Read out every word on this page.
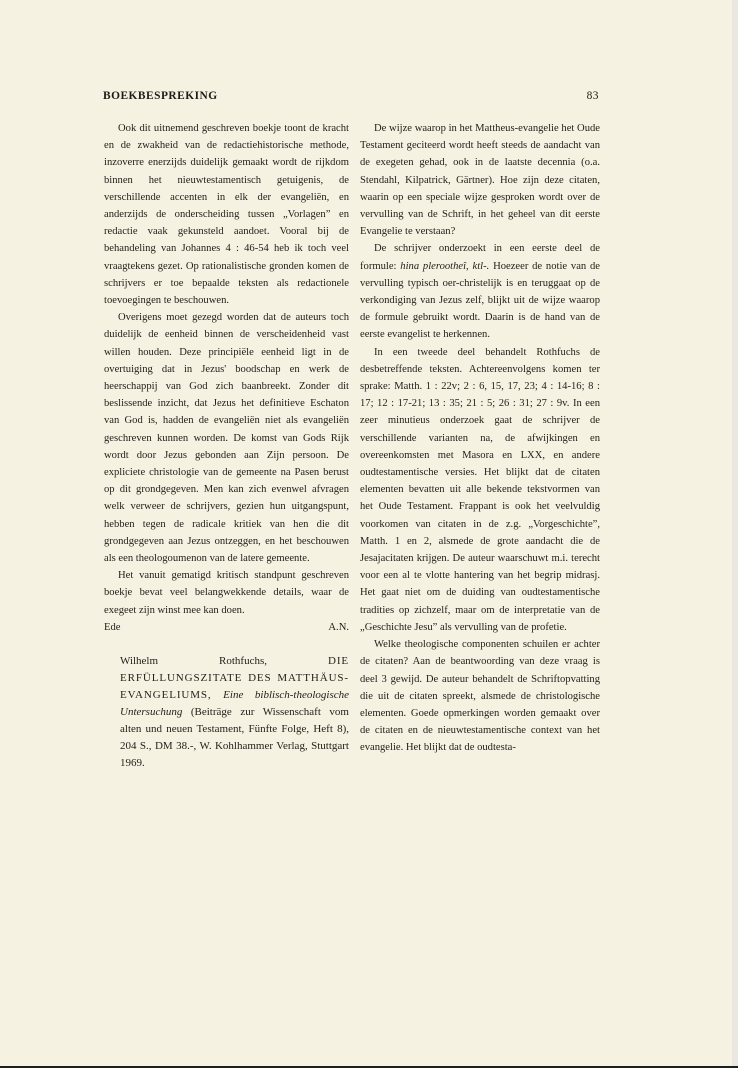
BOEKBESPREKING	83

Ook dit uitnemend geschreven boekje toont de kracht en de zwakheid van de redactiehistorische methode, inzoverre enerzijds duidelijk gemaakt wordt de rijkdom binnen het nieuwtestamentisch getuigenis, de verschillende accenten in elk der evangeliën, en anderzijds de onderscheiding tussen „Vorlagen” en redactie vaak gekunsteld aandoet. Vooral bij de behandeling van Johannes 4 : 46-54 heb ik toch veel vraagtekens gezet. Op rationalistische gronden komen de schrijvers er toe bepaalde teksten als redactionele toevoegingen te beschouwen.

Overigens moet gezegd worden dat de auteurs toch duidelijk de eenheid binnen de verscheidenheid vast willen houden. Deze principiële eenheid ligt in de overtuiging dat in Jezus' boodschap en werk de heerschappij van God zich baanbreekt. Zonder dit beslissende inzicht, dat Jezus het definitieve Eschaton van God is, hadden de evangeliën niet als evangeliën geschreven kunnen worden. De komst van Gods Rijk wordt door Jezus gebonden aan Zijn persoon. De expliciete christologie van de gemeente na Pasen berust op dit grondgegeven. Men kan zich evenwel afvragen welk verweer de schrijvers, gezien hun uitgangspunt, hebben tegen de radicale kritiek van hen die dit grondgegeven aan Jezus ontzeggen, en het beschouwen als een theologoumenon van de latere gemeente.

Het vanuit gematigd kritisch standpunt geschreven boekje bevat veel belangwekkende details, waar de exegeet zijn winst mee kan doen.

Ede	A.N.
Wilhelm Rothfuchs,	DIE ERFÜLLUNGSZITATE DES MATTHÄUS-EVANGELIUMS, Eine biblisch-theologische Untersuchung (Beiträge zur Wissenschaft vom alten und neuen Testament, Fünfte Folge, Heft 8), 204 S., DM 38.-, W. Kohlhammer Verlag, Stuttgart 1969.

De wijze waarop in het Mattheus-evangelie het Oude Testament geciteerd wordt heeft steeds de aandacht van de exegeten gehad, ook in de laatste decennia (o.a. Stendahl, Kilpatrick, Gärtner). Hoe zijn deze citaten, waarin op een speciale wijze gesproken wordt over de vervulling van de Schrift, in het geheel van dit eerste Evangelie te verstaan?

De schrijver onderzoekt in een eerste deel de formule: hina plerootheî, ktl-. Hoezeer de notie van de vervulling typisch oer-christelijk is en teruggaat op de verkondiging van Jezus zelf, blijkt uit de wijze waarop de formule gebruikt wordt. Daarin is de hand van de eerste evangelist te herkennen.

In een tweede deel behandelt Rothfuchs de desbetreffende teksten. Achtereenvolgens komen ter sprake: Matth. 1 : 22v; 2 : 6, 15, 17, 23; 4 : 14-16; 8 : 17; 12 : 17-21; 13 : 35; 21 : 5; 26 : 31; 27 : 9v. In een zeer minutieus onderzoek gaat de schrijver de verschillende varianten na, de afwijkingen en overeenkomsten met Masora en LXX, en andere oudtestamentische versies. Het blijkt dat de citaten elementen bevatten uit alle bekende tekstvormen van het Oude Testament. Frappant is ook het veelvuldig voorkomen van citaten in de z.g. „Vorgeschichte”, Matth. 1 en 2, alsmede de grote aandacht die de Jesajacitaten krijgen. De auteur waarschuwt m.i. terecht voor een al te vlotte hantering van het begrip midrasj. Het gaat niet om de duiding van oudtestamentische tradities op zichzelf, maar om de interpretatie van de „Geschichte Jesu” als vervulling van de profetie.

Welke theologische componenten schuilen er achter de citaten? Aan de beantwoording van deze vraag is deel 3 gewijd. De auteur behandelt de Schriftopvatting die uit de citaten spreekt, alsmede de christologische elementen. Goede opmerkingen worden gemaakt over de citaten en de nieuwtestamentische context van het evangelie. Het blijkt dat de oudtesta-
